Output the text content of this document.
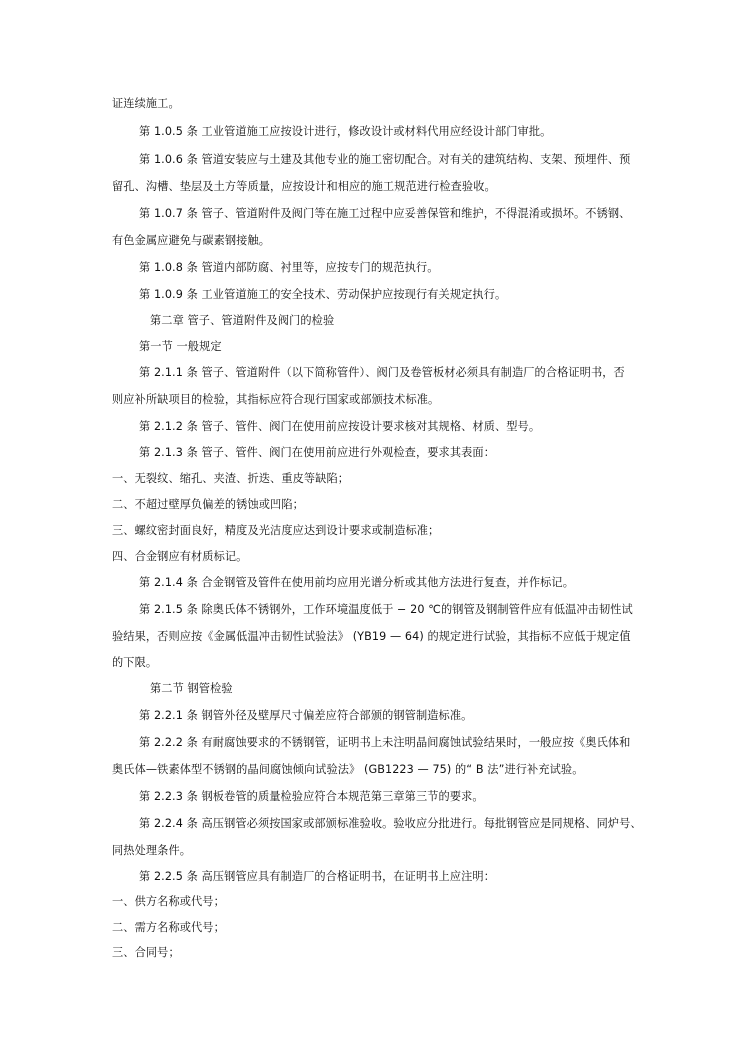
证连续施工。
第 1.0.5 条 工业管道施工应按设计进行，修改设计或材料代用应经设计部门审批。
第 1.0.6 条 管道安装应与土建及其他专业的施工密切配合。对有关的建筑结构、支架、预埋件、预
留孔、沟槽、垫层及土方等质量，应按设计和相应的施工规范进行检查验收。
第 1.0.7 条 管子、管道附件及阀门等在施工过程中应妥善保管和维护，不得混淆或损坏。不锈钢、
有色金属应避免与碳素钢接触。
第 1.0.8 条 管道内部防腐、衬里等，应按专门的规范执行。
第 1.0.9 条 工业管道施工的安全技术、劳动保护应按现行有关规定执行。
第二章 管子、管道附件及阀门的检验
第一节 一般规定
第 2.1.1 条 管子、管道附件（以下简称管件）、阀门及卷管板材必须具有制造厂的合格证明书，否
则应补所缺项目的检验，其指标应符合现行国家或部颁技术标准。
第 2.1.2 条 管子、管件、阀门在使用前应按设计要求核对其规格、材质、型号。
第 2.1.3 条 管子、管件、阀门在使用前应进行外观检查，要求其表面：
一、无裂纹、缩孔、夹渣、折迭、重皮等缺陷；
二、不超过壁厚负偏差的锈蚀或凹陷；
三、螺纹密封面良好，精度及光洁度应达到设计要求或制造标准；
四、合金钢应有材质标记。
第 2.1.4 条 合金钢管及管件在使用前均应用光谱分析或其他方法进行复查，并作标记。
第 2.1.5 条 除奥氏体不锈钢外，工作环境温度低于 − 20 ℃的钢管及钢制管件应有低温冲击韧性试
验结果，否则应按《金属低温冲击韧性试验法》 (YB19 — 64) 的规定进行试验，其指标不应低于规定值
的下限。
第二节 钢管检验
第 2.2.1 条 钢管外径及壁厚尺寸偏差应符合部颁的钢管制造标准。
第 2.2.2 条 有耐腐蚀要求的不锈钢管，证明书上未注明晶间腐蚀试验结果时，一般应按《奥氏体和
奥氏体—铁素体型不锈钢的晶间腐蚀倾向试验法》 (GB1223 — 75) 的“ B 法”进行补充试验。
第 2.2.3 条 钢板卷管的质量检验应符合本规范第三章第三节的要求。
第 2.2.4 条 高压钢管必须按国家或部颁标准验收。验收应分批进行。每批钢管应是同规格、同炉号、
同热处理条件。
第 2.2.5 条 高压钢管应具有制造厂的合格证明书，在证明书上应注明：
一、供方名称或代号；
二、需方名称或代号；
三、合同号；
